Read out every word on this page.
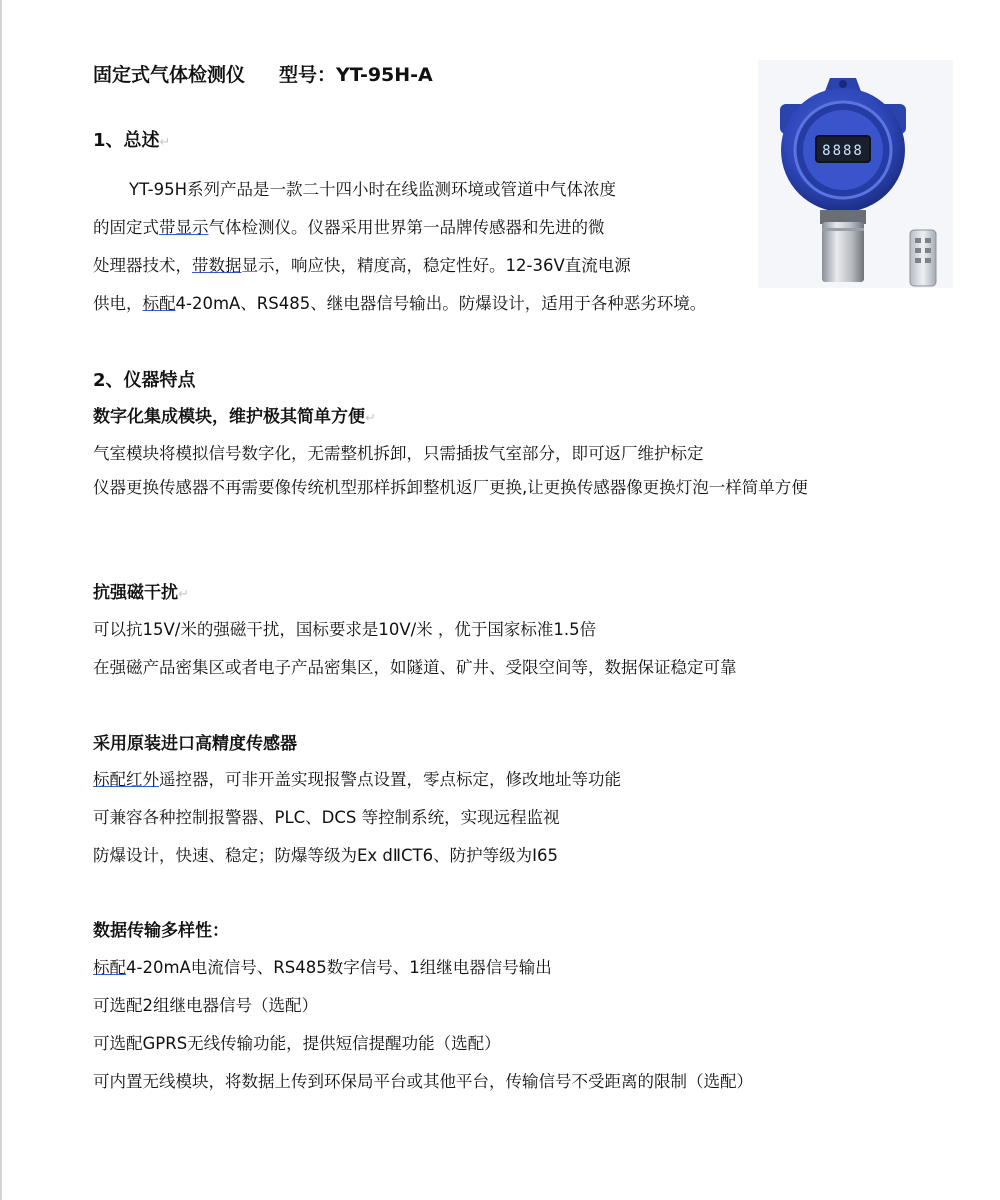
固定式气体检测仪 型号：YT-95H-A
1、总述↵
YT-95H系列产品是一款二十四小时在线监测环境或管道中气体浓度
的固定式带显示气体检测仪。仪器采用世界第一品牌传感器和先进的微
处理器技术，带数据显示，响应快，精度高，稳定性好。12-36V直流电源
供电，标配4-20mA、RS485、继电器信号输出。防爆设计，适用于各种恶劣环境。
2、仪器特点
数字化集成模块，维护极其简单方便↵
气室模块将模拟信号数字化，无需整机拆卸，只需插拔气室部分，即可返厂维护标定
仪器更换传感器不再需要像传统机型那样拆卸整机返厂更换,让更换传感器像更换灯泡一样简单方便
抗强磁干扰↵
可以抗15V/米的强磁干扰，国标要求是10V/米 ，优于国家标准1.5倍
在强磁产品密集区或者电子产品密集区，如隧道、矿井、受限空间等，数据保证稳定可靠
采用原装进口高精度传感器
标配红外遥控器，可非开盖实现报警点设置，零点标定，修改地址等功能
可兼容各种控制报警器、PLC、DCS 等控制系统，实现远程监视
防爆设计，快速、稳定；防爆等级为Ex dⅡCT6、防护等级为I65
数据传输多样性：
标配4-20mA电流信号、RS485数字信号、1组继电器信号输出
可选配2组继电器信号（选配）
可选配GPRS无线传输功能，提供短信提醒功能（选配）
可内置无线模块，将数据上传到环保局平台或其他平台，传输信号不受距离的限制（选配）
8888
